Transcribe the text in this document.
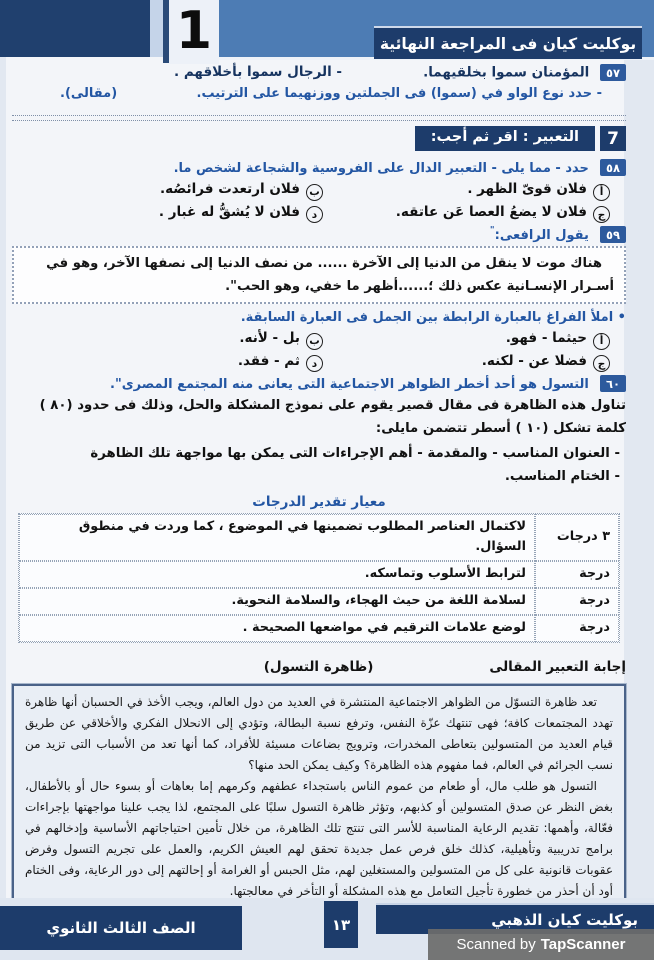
1	بوكليت كيان فى المراجعة النهائية
٥٧ المؤمنان سموا بخلقيهما.
- الرجال سموا بأخلاقهم .
- حدد نوع الواو في (سموا) فى الجملتين ووزنهيما على الترتيب.
(مقالى).
7
التعبير : اقر ثم أجب:
٥٨ حدد - مما يلى - التعبير الدال على الفروسية والشجاعة لشخص ما.
أ
فلان قوىّ الظهر .
ب
فلان ارتعدت فرائصُه.
ج
فلان لا يضعُ العصا عَن عاتقه.
د
فلان لا يُشقُّ له غبار .
٥٩ يقول الرافعى:"
هناك موت لا ينقل من الدنيا إلى الآخرة ...... من نصف الدنيا إلى نصفها الآخر، وهو في أسـرار الإنسـانية عكس ذلك ؛......أظهر ما خفي، وهو الحب".
• املأ الفراغ بالعبارة الرابطة بين الجمل فى العبارة السابقة.
أ
حيثما - فهو.
ب
بل - لأنه.
ج
فضلا عن - لكنه.
د
ثم - فقد.
٦٠ التسول هو أحد أخطر الظواهر الاجتماعية التى يعانى منه المجتمع المصرى".
تناول هذه الظاهرة فى مقال قصير يقوم على نموذج المشكلة والحل، وذلك فى حدود (٨٠ ) كلمة تشكل (١٠ ) أسطر تتضمن مايلى:
- العنوان المناسب - والمقدمة - أهم الإجراءات التى يمكن بها مواجهة تلك الظاهرة
- الختام المناسب.
معيار تقدير الدرجات
٣ درجات
لاكتمال العناصر المطلوب تضمينها في الموضوع ، كما وردت في منطوق السؤال.
درجة
لترابط الأسلوب وتماسكه.
درجة
لسلامة اللغة من حيث الهجاء، والسلامة النحوية.
درجة
لوضع علامات الترقيم في مواضعها الصحيحة .
إجابة التعبير المقالى
(ظاهرة التسول)

تعد ظاهرة التسوّل من الظواهر الاجتماعية المنتشرة في العديد من دول العالم، ويجب الأخذ في الحسبان أنها ظاهرة تهدد المجتمعات كافة؛ فهى تنتهك عزّة النفس، وترفع نسبة البطالة، وتؤدي إلى الانحلال الفكري والأخلاقي عن طريق قيام العديد من المتسولين بتعاطى المخدرات، وترويج بضاعات مسيئة للأفراد، كما أنها تعد من الأسباب التى تزيد من نسب الجرائم في العالم، فما مفهوم هذه الظاهرة؟ وكيف يمكن الحد منها؟

التسول هو طلب مال، أو طعام من عموم الناس باستجداء عطفهم وكرمهم إما بعاهات أو بسوء حال أو بالأطفال، بغض النظر عن صدق المتسولين أو كذبهم، وتؤثر ظاهرة التسول سلبًا على المجتمع، لذا يجب علينا مواجهتها بإجراءات فعّالة، وأهمها: تقديم الرعاية المناسبة للأسر التى تنتج تلك الظاهرة، من خلال تأمين احتياجاتهم الأساسية وإدخالهم في برامج تدريبية وتأهيلية، كذلك خلق فرص عمل جديدة تحقق لهم العيش الكريم، والعمل على تجريم التسول وفرض عقوبات قانونية على كل من المتسولين والمستغلين لهم، مثل الحبس أو الغرامة أو إحالتهم إلى دور الرعاية، وفى الختام أود أن أحذر من خطورة تأجيل التعامل مع هذه المشكلة أو التأخر في معالجتها.

بوكليت كيان الذهبي
١٣
الصف الثالث الثانوي
Scanned by TapScanner
